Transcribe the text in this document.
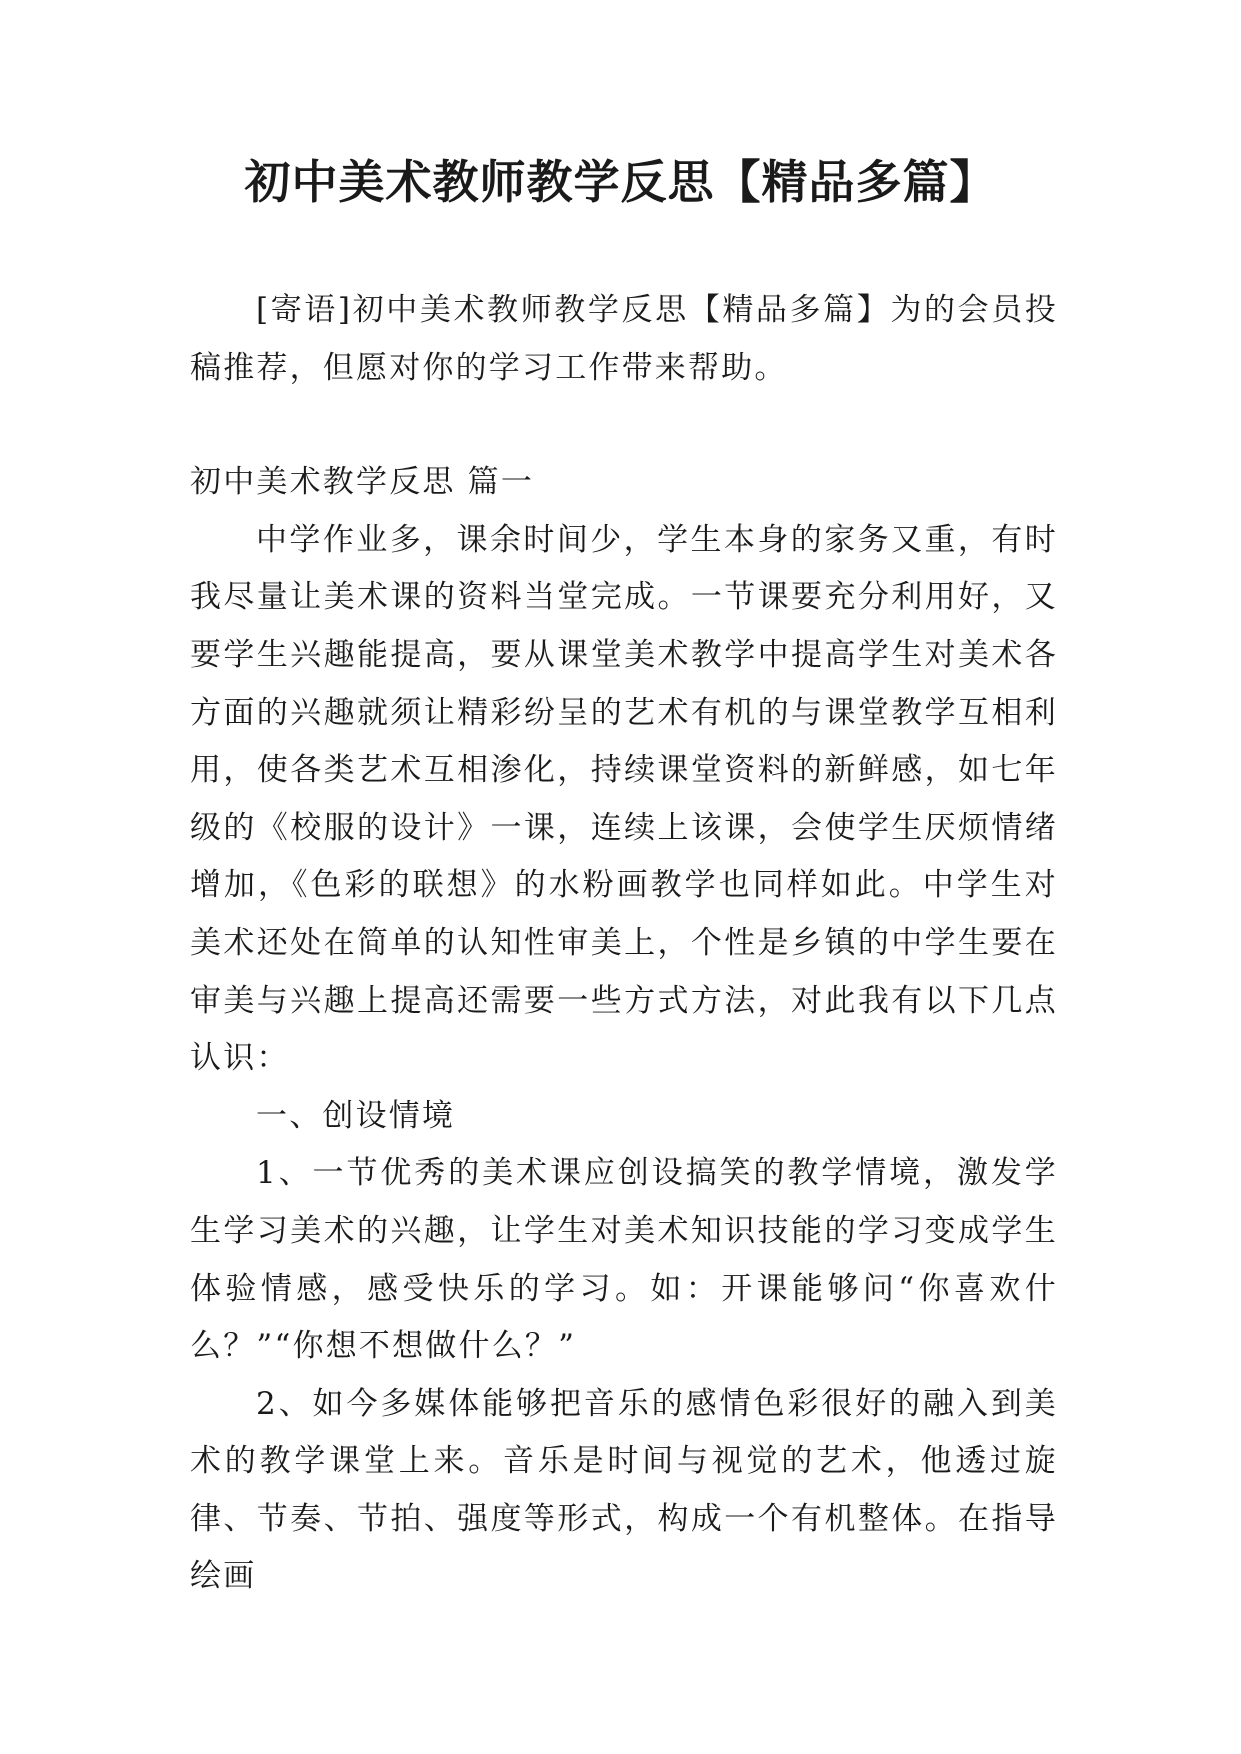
初中美术教师教学反思【精品多篇】

[寄语]初中美术教师教学反思【精品多篇】为的会员投稿推荐，但愿对你的学习工作带来帮助。

初中美术教学反思 篇一

中学作业多，课余时间少，学生本身的家务又重，有时我尽量让美术课的资料当堂完成。一节课要充分利用好，又要学生兴趣能提高，要从课堂美术教学中提高学生对美术各方面的兴趣就须让精彩纷呈的艺术有机的与课堂教学互相利用，使各类艺术互相渗化，持续课堂资料的新鲜感，如七年级的《校服的设计》一课，连续上该课，会使学生厌烦情绪增加，《色彩的联想》的水粉画教学也同样如此。中学生对美术还处在简单的认知性审美上，个性是乡镇的中学生要在审美与兴趣上提高还需要一些方式方法，对此我有以下几点认识：

一、创设情境

1、一节优秀的美术课应创设搞笑的教学情境，激发学生学习美术的兴趣，让学生对美术知识技能的学习变成学生体验情感，感受快乐的学习。如：开课能够问“你喜欢什么？”“你想不想做什么？”

2、如今多媒体能够把音乐的感情色彩很好的融入到美术的教学课堂上来。音乐是时间与视觉的艺术，他透过旋律、节奏、节拍、强度等形式，构成一个有机整体。在指导绘画
